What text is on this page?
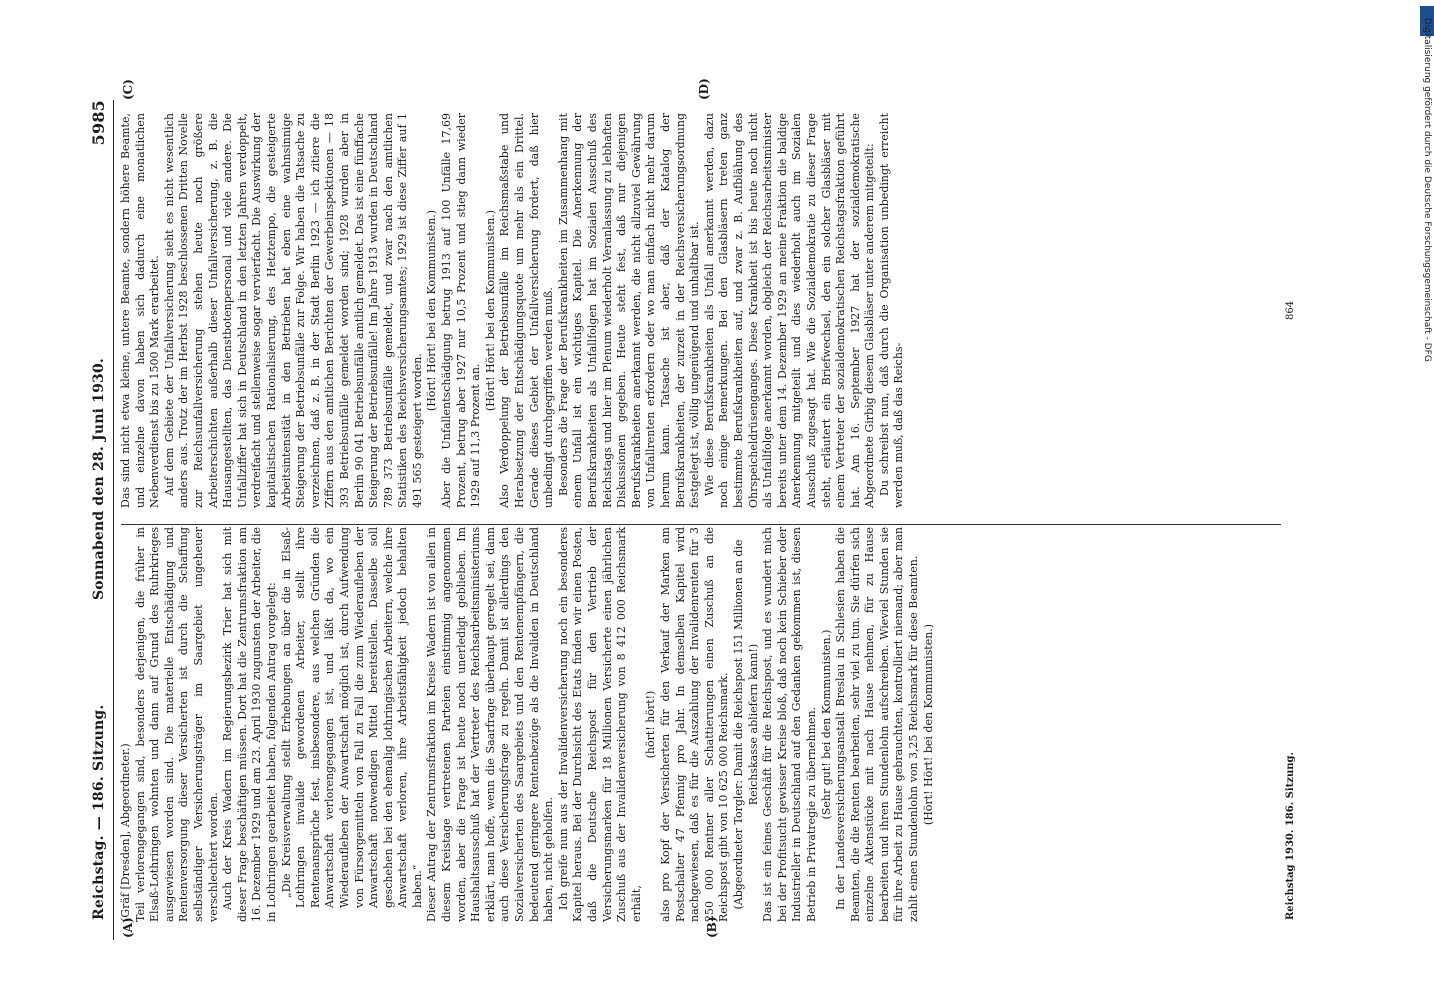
Reichstag. — 186. Sitzung.
Sonnabend den 28. Juni 1930.
5985
(A)	(B)
(C)	(D)

(Gräf [Dresden], Abgeordneter.) Teil verlorengegangen sind, besonders derjenigen, die früher in Elsaß-Lothringen wohnten und dann auf Grund des Ruhrkrieges ausgewiesen worden sind. Die materielle Entschädigung und Rentenversorgung dieser Versicherten ist durch die Schaffung selbständiger Versicherungsträger im Saargebiet ungeheuer verschlechtert worden. Auch der Kreis Wadern im Regierungsbezirk Trier hat sich mit dieser Frage beschäftigen müssen. Dort hat die Zentrumsfraktion am 16. Dezember 1929 und am 23. April 1930 zugunsten der Arbeiter, die in Lothringen gearbeitet haben, folgenden Antrag vorgelegt: „Die Kreisverwaltung stellt Erhebungen an über die in Elsaß-Lothringen invalide gewordenen Arbeiter, stellt ihre Rentenansprüche fest, insbesondere, aus welchen Gründen die Anwartschaft verlorengegangen ist, und läßt da, wo ein Wiederaufleben der Anwartschaft möglich ist, durch Aufwendung von Fürsorgemitteln von Fall zu Fall die zum Wiederaufleben der Anwartschaft notwendigen Mittel bereitstellen. Dasselbe soll geschehen bei den ehemalig lothringischen Arbeitern, welche ihre Anwartschaft verloren, ihre Arbeitsfähigkeit jedoch behalten haben.“ Dieser Antrag der Zentrumsfraktion im Kreise Wadern ist von allen in diesem Kreistage vertretenen Parteien einstimmig angenommen worden, aber die Frage ist heute noch unerledigt geblieben. Im Haushaltsausschuß hat der Vertreter des Reichsarbeitsministeriums erklärt, man hoffe, wenn die Saarfrage überhaupt geregelt sei, dann auch diese Versicherungsfrage zu regeln. Damit ist allerdings den Sozialversicherten des Saargebiets und den Rentenempfängern, die bedeutend geringere Rentenbezüge als die Invaliden in Deutschland haben, nicht geholfen. Ich greife nun aus der Invalidenversicherung noch ein besonderes Kapitel heraus. Bei der Durchsicht des Etats finden wir einen Posten, daß die Deutsche Reichspost für den Vertrieb der Versicherungsmarken für 18 Millionen Versicherte einen jährlichen Zuschuß aus der Invalidenversicherung von 8 412 000 Reichsmark erhält,

(hört! hört!) also pro Kopf der Versicherten für den Verkauf der Marken am Postschalter 47 Pfennig pro Jahr. In demselben Kapitel wird nachgewiesen, daß es für die Auszahlung der Invalidenrenten für 3 250 000 Rentner aller Schattierungen einen Zuschuß an die Reichspost gibt von 10 625 000 Reichsmark. (Abgeordneter Torgler: Damit die Reichspost 151 Millionen an die Reichskasse abliefern kann!) Das ist ein feines Geschäft für die Reichspost, und es wundert mich bei der Profitsucht gewisser Kreise bloß, daß noch kein Schieber oder Industrieller in Deutschland auf den Gedanken gekommen ist, diesen Betrieb in Privatregie zu übernehmen. (Sehr gut! bei den Kommunisten.) In der Landesversicherungsanstalt Breslau in Schlesien haben die Beamten, die die Renten bearbeiten, sehr viel zu tun. Sie dürfen sich einzelne Aktenstücke mit nach Hause nehmen, für zu Hause bearbeiten und ihren Stundenlohn aufschreiben. Wieviel Stunden sie für ihre Arbeit zu Hause gebrauchten, kontrolliert niemand; aber man zahlt einen Stundenlohn von 3,25 Reichsmark für diese Beamten. (Hört! Hört! bei den Kommunisten.)

Das sind nicht etwa kleine, untere Beamte, sondern höhere Beamte, und einzelne davon haben sich dadurch eine monatlichen Nebenverdienst bis zu 1500 Mark erarbeitet. Auf dem Gebiete der Unfallversicherung sieht es nicht wesentlich anders aus. Trotz der im Herbst 1928 beschlossenen Dritten Novelle zur Reichsunfallversicherung stehen heute noch größere Arbeiterschichten außerhalb dieser Unfallversicherung, z. B. die Hausangestellten, das Dienstbotenpersonal und viele andere. Die Unfallziffer hat sich in Deutschland in den letzten Jahren verdoppelt, verdreifacht und stellenweise sogar vervierfacht. Die Auswirkung der kapitalistischen Rationalisierung, des Hetztempo, die gesteigerte Arbeitsintensität in den Betrieben hat eben eine wahnsinnige Steigerung der Betriebsunfälle zur Folge. Wir haben die Tatsache zu verzeichnen, daß z. B. in der Stadt Berlin 1923 — ich zitiere die Ziffern aus den amtlichen Berichten der Gewerbeinspektionen — 18 393 Betriebsunfälle gemeldet worden sind; 1928 wurden aber in Berlin 90 041 Betriebsunfälle amtlich gemeldet. Das ist eine fünffache Steigerung der Betriebsunfälle! Im Jahre 1913 wurden in Deutschland 789 373 Betriebsunfälle gemeldet, und zwar nach den amtlichen Statistiken des Reichsversicherungsamtes; 1929 ist diese Ziffer auf 1 491 565 gesteigert worden.

(Hört! Hört! bei den Kommunisten.) Aber die Unfallentschädigung betrug 1913 auf 100 Unfälle 17,69 Prozent, betrug aber 1927 nur 10,5 Prozent und stieg dann wieder 1929 auf 11,3 Prozent an.

(Hört! Hört! bei den Kommunisten.) Also Verdoppelung der Betriebsunfälle im Reichsmaßstabe und Herabsetzung der Entschädigungsquote um mehr als ein Drittel. Gerade dieses Gebiet der Unfallversicherung fordert, daß hier unbedingt durchgegriffen werden muß. Besonders die Frage der Berufskrankheiten im Zusammenhang mit einem Unfall ist ein wichtiges Kapitel. Die Anerkennung der Berufskrankheiten als Unfallfolgen hat im Sozialen Ausschuß des Reichstags und hier im Plenum wiederholt Veranlassung zu lebhaften Diskussionen gegeben. Heute steht fest, daß nur diejenigen Berufskrankheiten anerkannt werden, die nicht allzuviel Gewährung von Unfallrenten erfordern oder wo man einfach nicht mehr darum herum kann. Tatsache ist aber, daß der Katalog der Berufskrankheiten, der zurzeit in der Reichsversicherungsordnung festgelegt ist, völlig ungenügend und unhaltbar ist. Wie diese Berufskrankheiten als Unfall anerkannt werden, dazu noch einige Bemerkungen. Bei den Glasbläsern treten ganz bestimmte Berufskrankheiten auf, und zwar z. B. Aufblähung des Ohrspeicheldrüsenganges. Diese Krankheit ist bis heute noch nicht als Unfallfolge anerkannt worden, obgleich der Reichsarbeitsminister bereits unter dem 14. Dezember 1929 an meine Fraktion die baldige Anerkennung mitgeteilt und dies wiederholt auch im Sozialen Ausschuß zugesagt hat. Wie die Sozialdemokratie zu dieser Frage steht, erläutert ein Briefwechsel, den ein solcher Glasbläser mit einem Vertreter der sozialdemokratischen Reichstagsfraktion geführt hat. Am 16. September 1927 hat der sozialdemokratische Abgeordnete Girbig diesem Glasbläser unter anderem mitgeteilt: Du schreibst nun, daß durch die Organisation unbedingt erreicht werden muß, daß das Reichs-

Reichstag 1930. 186. Sitzung.
864	Digitalisierung gefördert durch die Deutsche Forschungsgemeinschaft - DFG
